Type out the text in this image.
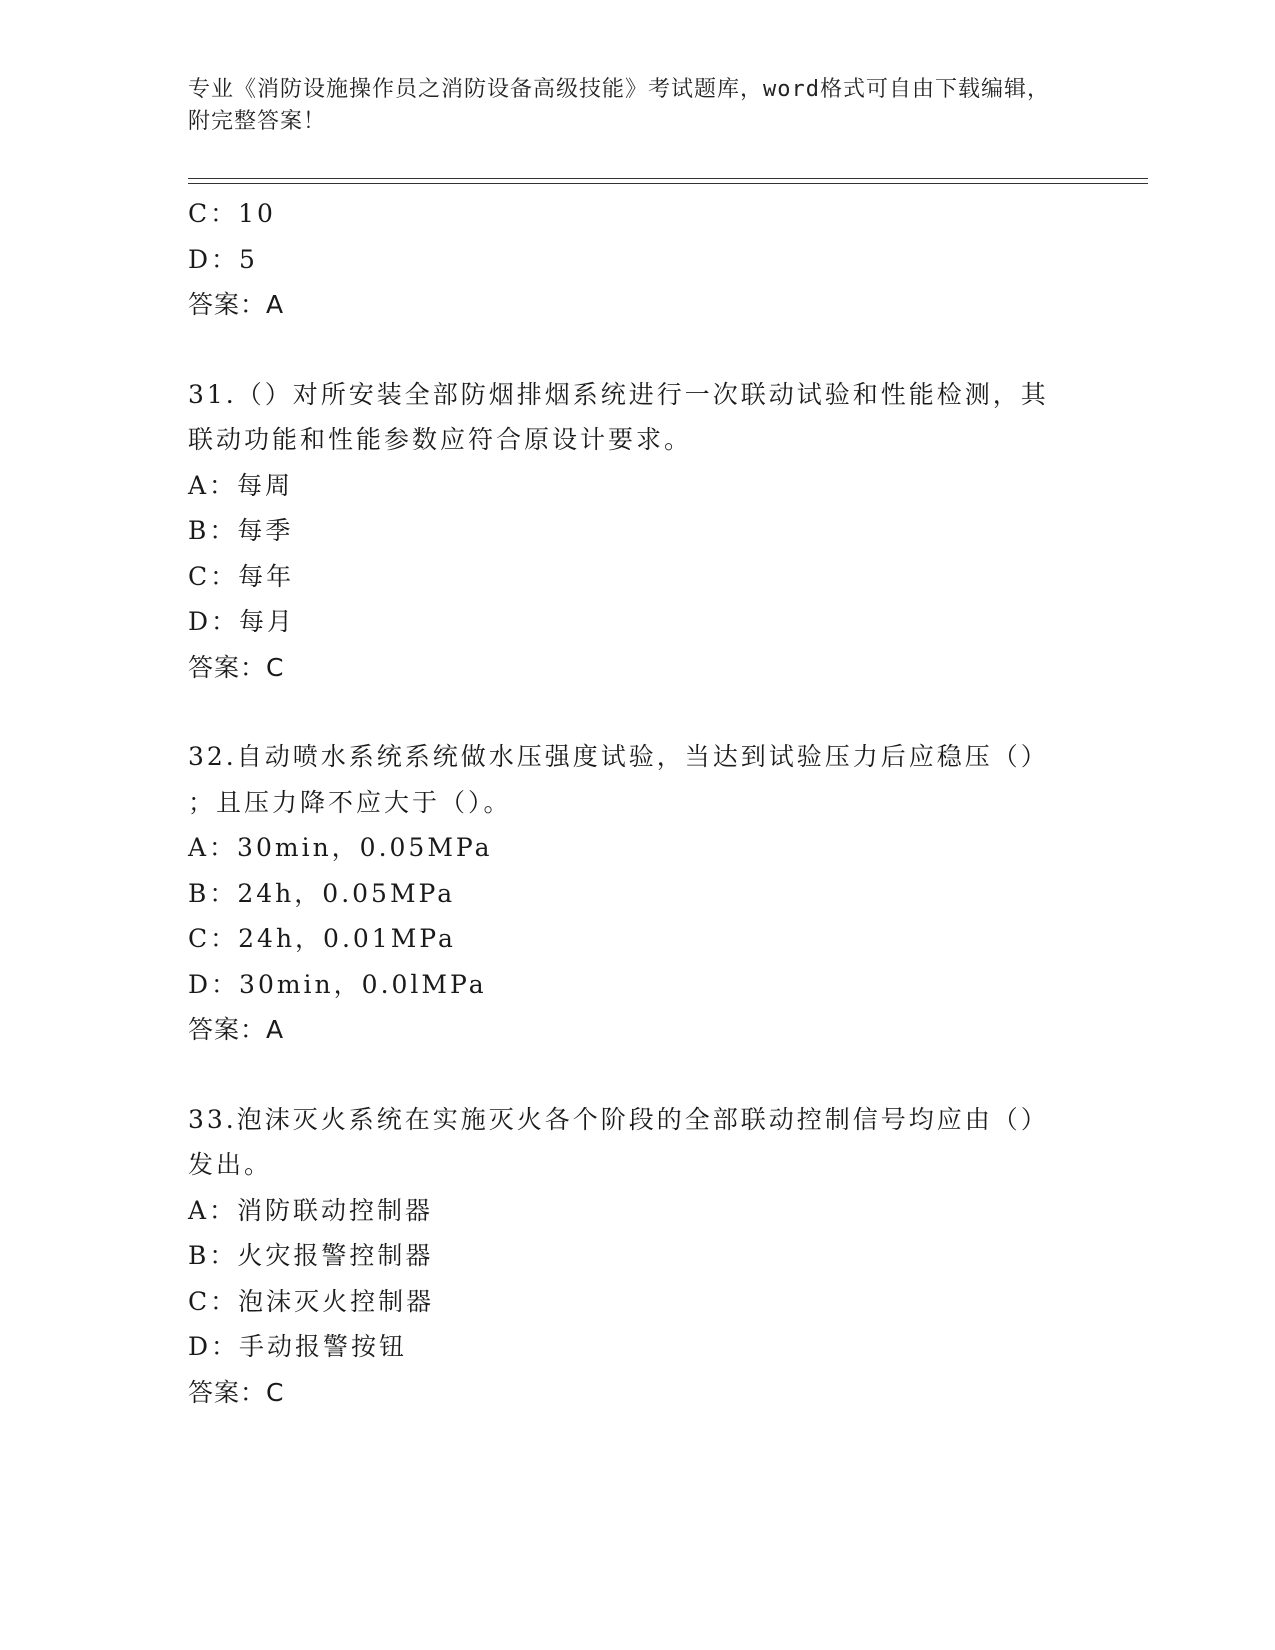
专业《消防设施操作员之消防设备高级技能》考试题库，word格式可自由下载编辑，附完整答案！
C：10
D：5
答案：A
31.（）对所安装全部防烟排烟系统进行一次联动试验和性能检测，其
联动功能和性能参数应符合原设计要求。
A：每周
B：每季
C：每年
D：每月
答案：C
32.自动喷水系统系统做水压强度试验，当达到试验压力后应稳压（）
；且压力降不应大于（）。
A：30min，0.05MPa
B：24h，0.05MPa
C：24h，0.01MPa
D：30min，0.0lMPa
答案：A
33.泡沫灭火系统在实施灭火各个阶段的全部联动控制信号均应由（）
发出。
A：消防联动控制器
B：火灾报警控制器
C：泡沫灭火控制器
D：手动报警按钮
答案：C
